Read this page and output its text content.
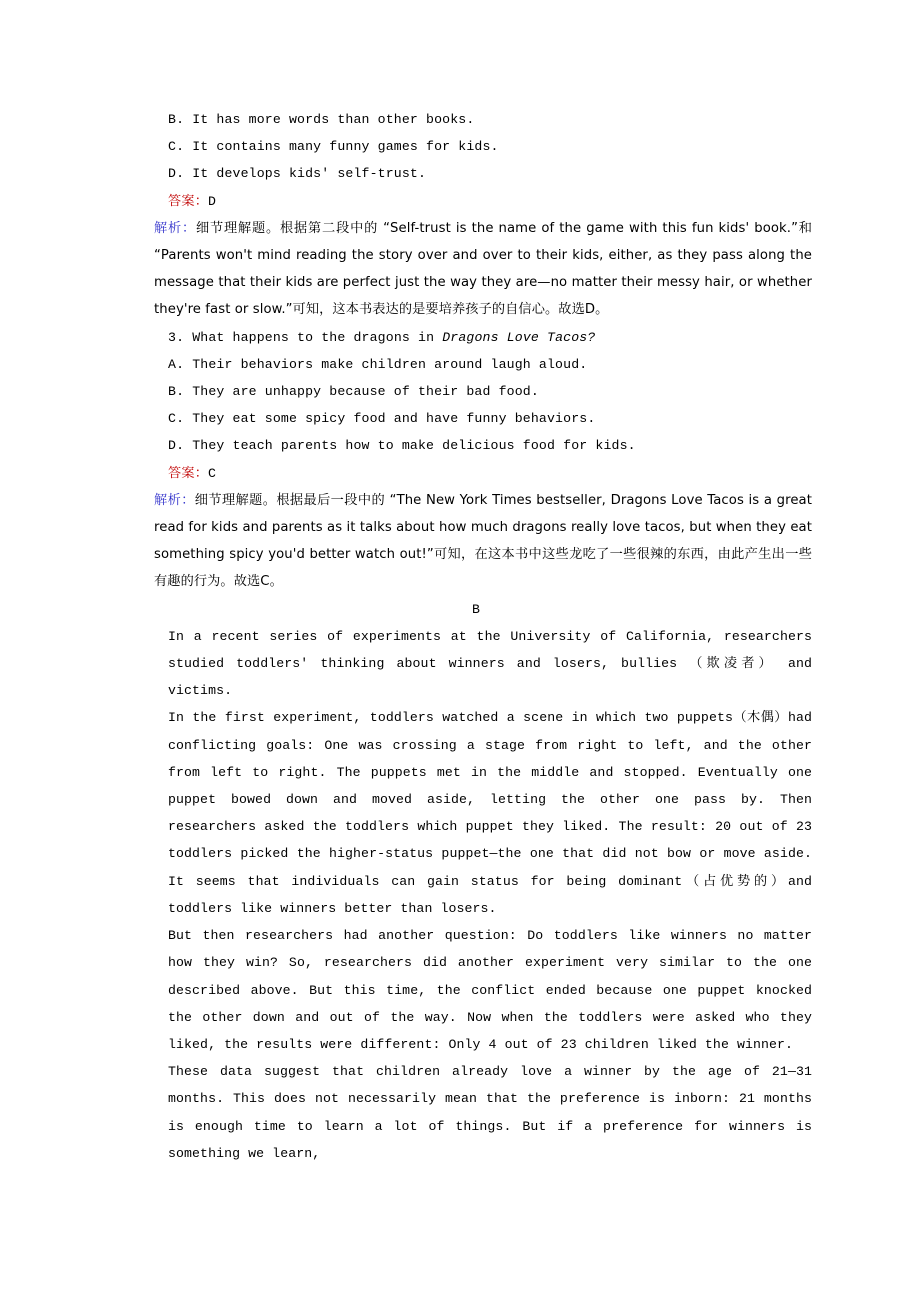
B. It has more words than other books.
C. It contains many funny games for kids.
D. It develops kids' self-trust.
答案：D
解析：细节理解题。根据第二段中的 “Self-trust is the name of the game with this fun kids' book.”和 “Parents won't mind reading the story over and over to their kids, either, as they pass along the message that their kids are perfect just the way they are—no matter their messy hair, or whether they're fast or slow.”可知，这本书表达的是要培养孩子的自信心。故选D。
3. What happens to the dragons in Dragons Love Tacos?
A. Their behaviors make children around laugh aloud.
B. They are unhappy because of their bad food.
C. They eat some spicy food and have funny behaviors.
D. They teach parents how to make delicious food for kids.
答案：C
解析：细节理解题。根据最后一段中的 “The New York Times bestseller, Dragons Love Tacos is a great read for kids and parents as it talks about how much dragons really love tacos, but when they eat something spicy you'd better watch out!”可知，在这本书中这些龙吃了一些很辣的东西，由此产生出一些有趣的行为。故选C。
B
In a recent series of experiments at the University of California, researchers studied toddlers' thinking about winners and losers, bullies （欺凌者） and victims.
In the first experiment, toddlers watched a scene in which two puppets（木偶）had conflicting goals: One was crossing a stage from right to left, and the other from left to right. The puppets met in the middle and stopped. Eventually one puppet bowed down and moved aside, letting the other one pass by. Then researchers asked the toddlers which puppet they liked. The result: 20 out of 23 toddlers picked the higher-status puppet—the one that did not bow or move aside. It seems that individuals can gain status for being dominant（占优势的）and toddlers like winners better than losers.
But then researchers had another question: Do toddlers like winners no matter how they win? So, researchers did another experiment very similar to the one described above. But this time, the conflict ended because one puppet knocked the other down and out of the way. Now when the toddlers were asked who they liked, the results were different: Only 4 out of 23 children liked the winner.
These data suggest that children already love a winner by the age of 21—31 months. This does not necessarily mean that the preference is inborn: 21 months is enough time to learn a lot of things. But if a preference for winners is something we learn,
